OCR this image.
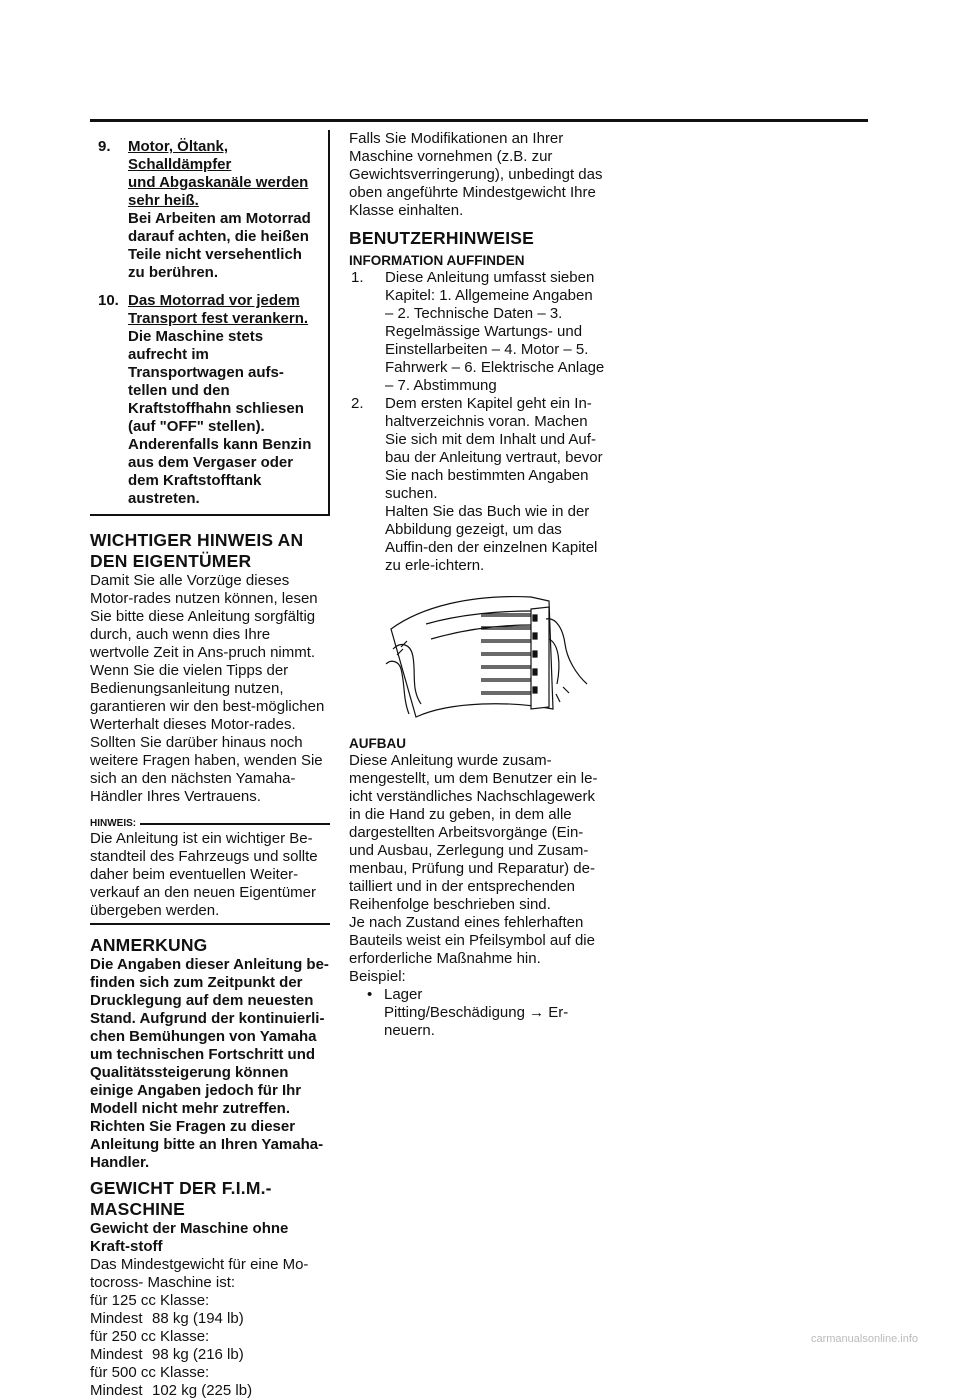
9. Motor, Öltank, Schalldämpfer
und Abgaskanäle werden
sehr heiß.
Bei Arbeiten am Motorrad darauf achten, die heißen Teile nicht versehentlich zu berühren.
10. Das Motorrad vor jedem
Transport fest verankern.
Die Maschine stets aufrecht im Transportwagen aufs-tellen und den Kraftstoffhahn schliesen (auf "OFF" stellen). Anderenfalls kann Benzin aus dem Vergaser oder dem Kraftstofftank austreten.
WICHTIGER HINWEIS AN
DEN EIGENTÜMER

Damit Sie alle Vorzüge dieses Motor-rades nutzen können, lesen Sie bitte diese Anleitung sorgfältig durch, auch wenn dies Ihre wertvolle Zeit in Ans-pruch nimmt. Wenn Sie die vielen Tipps der Bedienungsanleitung nutzen, garantieren wir den best-möglichen Werterhalt dieses Motor-rades. Sollten Sie darüber hinaus noch weitere Fragen haben, wenden Sie sich an den nächsten Yamaha-Händler Ihres Vertrauens.

HINWEIS:

Die Anleitung ist ein wichtiger Be-standteil des Fahrzeugs und sollte daher beim eventuellen Weiter-verkauf an den neuen Eigentümer übergeben werden.

ANMERKUNG

Die Angaben dieser Anleitung be-finden sich zum Zeitpunkt der Drucklegung auf dem neuesten Stand. Aufgrund der kontinuierli-chen Bemühungen von Yamaha um technischen Fortschritt und Qualitätssteigerung können einige Angaben jedoch für Ihr Modell nicht mehr zutreffen. Richten Sie Fragen zu dieser Anleitung bitte an Ihren Yamaha-Handler.

GEWICHT DER F.I.M.-
MASCHINE

Gewicht der Maschine ohne Kraft-stoff

Das Mindestgewicht für eine Mo-tocross- Maschine ist:

für 125 cc Klasse:
Mindest 88 kg (194 lb)
für 250 cc Klasse:
Mindest 98 kg (216 lb)
für 500 cc Klasse:
Mindest 102 kg (225 lb)

Falls Sie Modifikationen an Ihrer Maschine vornehmen (z.B. zur Gewichtsverringerung), unbedingt das oben angeführte Mindestgewicht Ihre Klasse einhalten.

BENUTZERHINWEISE
INFORMATION AUFFINDEN
1. Diese Anleitung umfasst sieben Kapitel: 1. Allgemeine Angaben – 2. Technische Daten – 3. Regelmässige Wartungs- und Einstellarbeiten – 4. Motor – 5. Fahrwerk – 6. Elektrische Anlage – 7. Abstimmung
2. Dem ersten Kapitel geht ein In-haltverzeichnis voran. Machen Sie sich mit dem Inhalt und Auf-bau der Anleitung vertraut, bevor Sie nach bestimmten Angaben suchen.
Halten Sie das Buch wie in der Abbildung gezeigt, um das Auffin-den der einzelnen Kapitel zu erle-ichtern.
AUFBAU

Diese Anleitung wurde zusam-mengestellt, um dem Benutzer ein le-icht verständliches Nachschlagewerk in die Hand zu geben, in dem alle dargestellten Arbeitsvorgänge (Ein- und Ausbau, Zerlegung und Zusam-menbau, Prüfung und Reparatur) de-tailliert und in der entsprechenden Reihenfolge beschrieben sind.

Je nach Zustand eines fehlerhaften Bauteils weist ein Pfeilsymbol auf die erforderliche Maßnahme hin.

Beispiel:

• Lager
Pitting/Beschädigung → Er-neuern.
carmanualsonline.info
